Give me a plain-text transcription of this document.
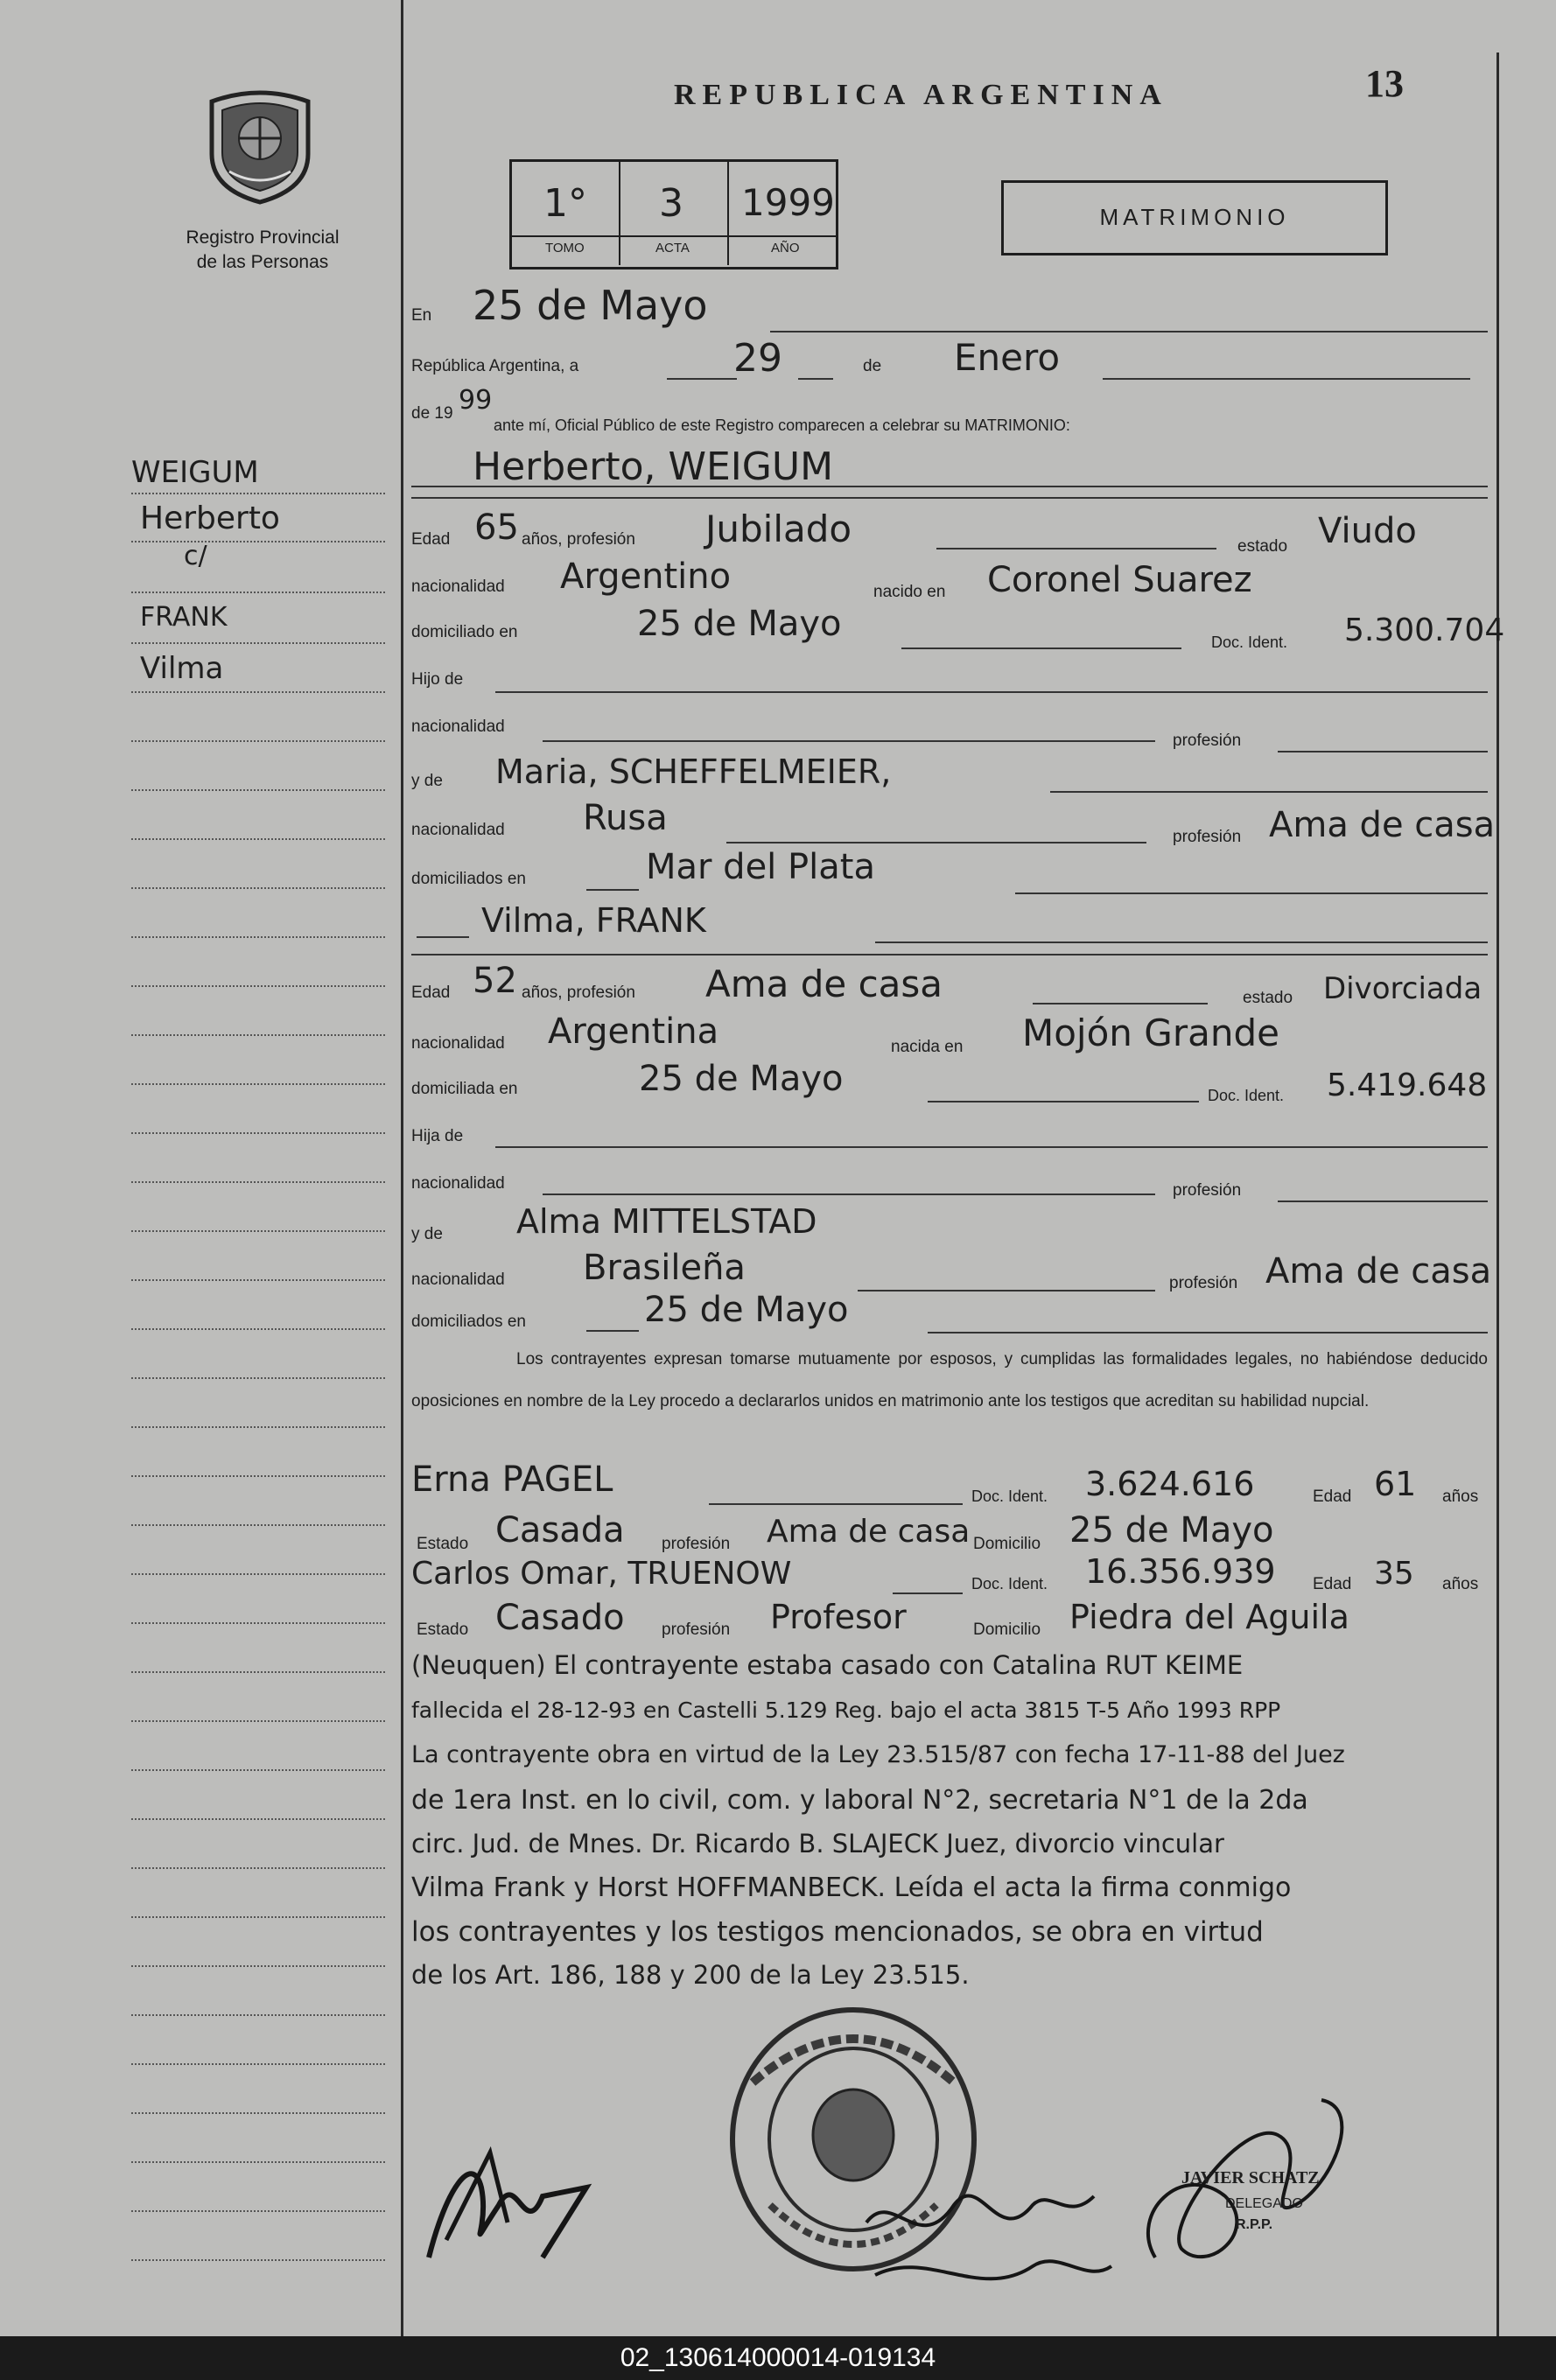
Registro Provincial
de las Personas
WEIGUM
Herberto
c/
FRANK
Vilma
REPUBLICA ARGENTINA	13
1° 3 1999
TOMO	ACTA	AÑO
MATRIMONIO
En 25 de Mayo
República Argentina, a	29	de Enero
de 19 99
ante mí, Oficial Público de este Registro comparecen a celebrar su MATRIMONIO:
Herberto, WEIGUM
Edad 65 años, profesión Jubilado	estado Viudo
nacionalidad Argentino	nacido en Coronel Suarez
domiciliado en	25 de Mayo	Doc. Ident. 5.300.704
Hijo de
nacionalidad
profesión
y de Maria, SCHEFFELMEIER,
nacionalidad Rusa	profesión Ama de casa
domiciliados en	Mar del Plata
Vilma, FRANK
Edad 52 años, profesión Ama de casa	estado Divorciada
nacionalidad Argentina	nacida en Mojón Grande
domiciliada en	25 de Mayo	Doc. Ident. 5.419.648
Hija de
nacionalidad	profesión
y de Alma MITTELSTAD
nacionalidad Brasileña	profesión Ama de casa
domiciliados en	25 de Mayo
Los contrayentes expresan tomarse mutuamente por esposos, y cumplidas las formalidades legales, no habiéndose deducido oposiciones en nombre de la Ley procedo a declararlos unidos en matrimonio ante los testigos que acreditan su habilidad nupcial.
Erna PAGEL	Doc. Ident. 3.624.616	Edad 61 años
Estado Casada profesión Ama de casa Domicilio 25 de Mayo
Carlos Omar, TRUENOW	Doc. Ident. 16.356.939 Edad 35 años
Estado Casado profesión Profesor	Domicilio Piedra del Aguila
(Neuquen) El contrayente estaba casado con Catalina RUT KEIME
fallecida el 28-12-93 en Castelli 5.129 Reg. bajo el acta 3815 T-5 Año 1993 RPP
La contrayente obra en virtud de la Ley 23.515/87 con fecha 17-11-88 del Juez
de 1era Inst. en lo civil, com. y laboral N°2, secretaria N°1 de la 2da
circ. Jud. de Mnes. Dr. Ricardo B. SLAJECK Juez, divorcio vincular
Vilma Frank y Horst HOFFMANBECK. Leída el acta la firma conmigo
los contrayentes y los testigos mencionados, se obra en virtud
de los Art. 186, 188 y 200 de la Ley 23.515.
JAVIER SCHATZ
DELEGADO
R.P.P.
02_130614000014-019134
